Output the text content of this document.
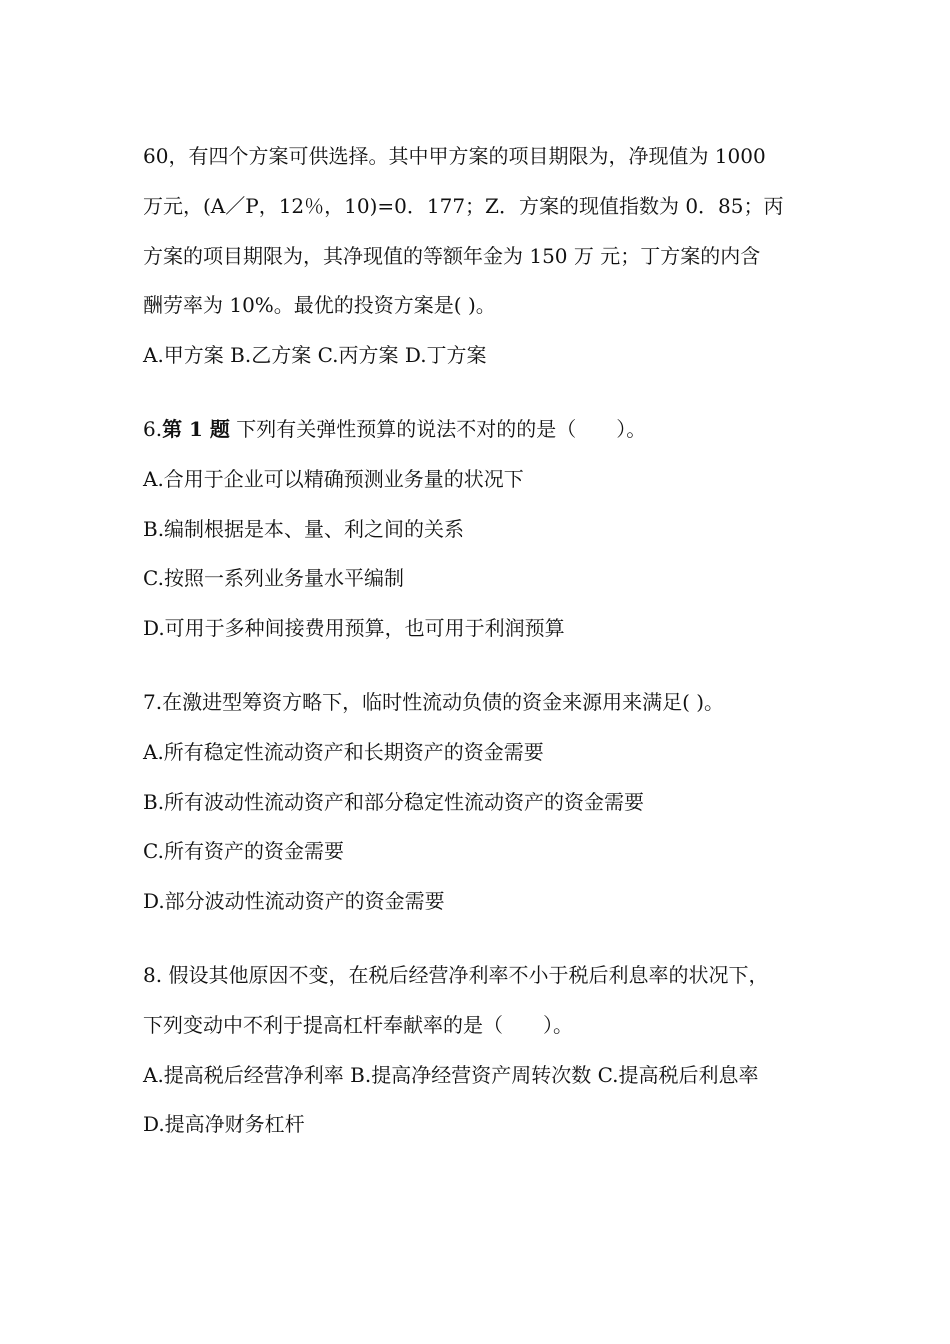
60，有四个方案可供选择。其中甲方案的项目期限为，净现值为 1000
万元，(A／P，12％，10)=0．177；Z．方案的现值指数为 0．85；丙
方案的项目期限为，其净现值的等额年金为 150 万 元；丁方案的内含
酬劳率为 10%。最优的投资方案是( )。
A.甲方案 B.乙方案 C.丙方案 D.丁方案
6.第 1 题 下列有关弹性预算的说法不对的的是（　　）。
A.合用于企业可以精确预测业务量的状况下
B.编制根据是本、量、利之间的关系
C.按照一系列业务量水平编制
D.可用于多种间接费用预算，也可用于利润预算
7.在激进型筹资方略下，临时性流动负债的资金来源用来满足( )。
A.所有稳定性流动资产和长期资产的资金需要
B.所有波动性流动资产和部分稳定性流动资产的资金需要
C.所有资产的资金需要
D.部分波动性流动资产的资金需要
8. 假设其他原因不变，在税后经营净利率不小于税后利息率的状况下，
下列变动中不利于提高杠杆奉献率的是（　　）。
A.提高税后经营净利率 B.提高净经营资产周转次数 C.提高税后利息率
D.提高净财务杠杆
